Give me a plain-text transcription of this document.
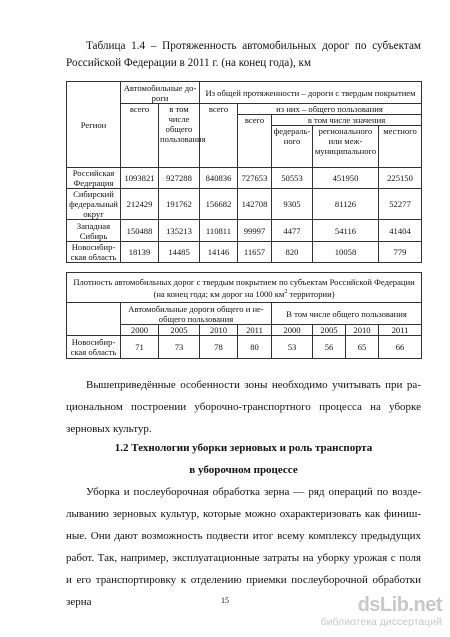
Таблица 1.4 – Протяженность автомобильных дорог по субъектам Российской Федерации в 2011 г. (на конец года), км
Регион	Автомобильные дороги		Из общей протяженности – дороги с твердым покрытием				
	всего	в том числе общего пользования	всего	из них – общего пользования			
				всего	в том числе значения		
					федерального	регионального или межмуниципального	местного
Российская Федерация	1093821	927288	840836	727653	50553	451950	225150
Сибирский федеральный округ	212429	191762	156682	142708	9305	81126	52277
Западная Сибирь	150488	135213	110811	99997	4477	54116	41404
Новосибирская область	18139	14485	14146	11657	820	10058	779
Плотность автомобильных дорог с твердым покрытием по субъектам Российской Федерации (на конец года; км дорог на 1000 $км^2$ территории)								
	Автомобильные дороги общего и необщего пользования				В том числе общего пользования			
	2000	2005	2010	2011	2000	2005	2010	2011
Новосибирская область	71	73	78	80	53	56	65	66
Вышеприведённые особенности зоны необходимо учитывать при рациональном построении уборочно-транспортного процесса на уборке зерновых культур.
1.2 Технологии уборки зерновых и роль транспорта
в уборочном процессе
Уборка и послеуборочная обработка зерна — ряд операций по возделыванию зерновых культур, которые можно охарактеризовать как финишные. Они дают возможность подвести итог всему комплексу предыдущих работ. Так, например, эксплуатационные затраты на уборку урожая с поля и его транспортировку к отделению приемки послеуборочной обработки зерна	15	dsLib.net
библиотека диссертаций
